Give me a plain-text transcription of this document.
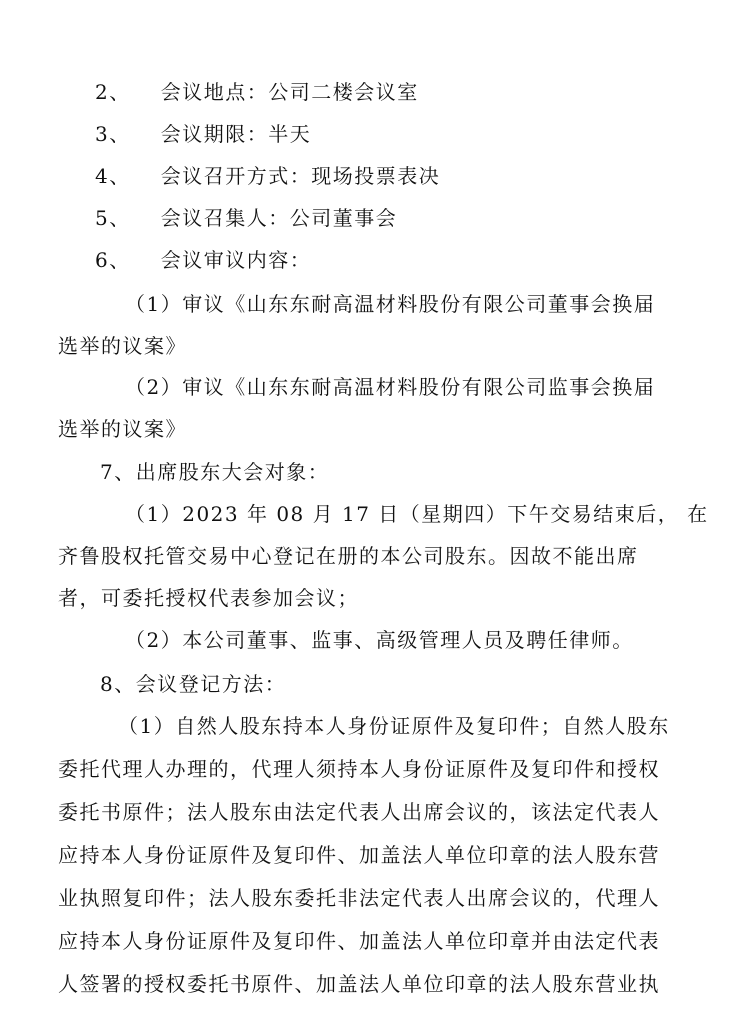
2、 会议地点：公司二楼会议室
3、 会议期限：半天
4、 会议召开方式：现场投票表决
5、 会议召集人：公司董事会
6、 会议审议内容：
（1）审议《山东东耐高温材料股份有限公司董事会换届
选举的议案》
（2）审议《山东东耐高温材料股份有限公司监事会换届
选举的议案》
7、出席股东大会对象：
（1）2023 年 08 月 17 日（星期四）下午交易结束后， 在
齐鲁股权托管交易中心登记在册的本公司股东。因故不能出席
者，可委托授权代表参加会议；
（2）本公司董事、监事、高级管理人员及聘任律师。
8、会议登记方法：
（1）自然人股东持本人身份证原件及复印件；自然人股东
委托代理人办理的，代理人须持本人身份证原件及复印件和授权
委托书原件；法人股东由法定代表人出席会议的，该法定代表人
应持本人身份证原件及复印件、加盖法人单位印章的法人股东营
业执照复印件；法人股东委托非法定代表人出席会议的，代理人
应持本人身份证原件及复印件、加盖法人单位印章并由法定代表
人签署的授权委托书原件、加盖法人单位印章的法人股东营业执
